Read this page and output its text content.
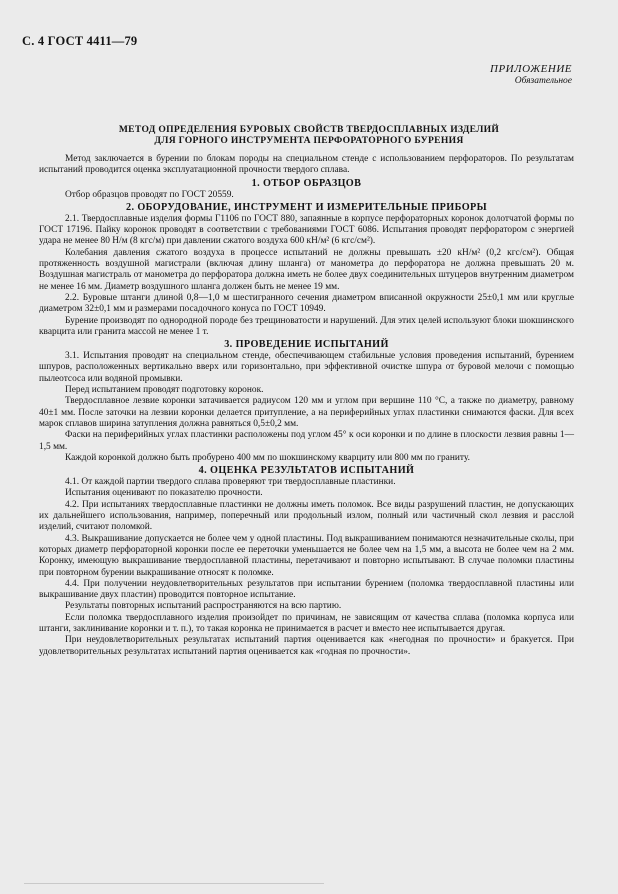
С. 4 ГОСТ 4411—79
ПРИЛОЖЕНИЕ
Обязательное
МЕТОД ОПРЕДЕЛЕНИЯ БУРОВЫХ СВОЙСТВ ТВЕРДОСПЛАВНЫХ ИЗДЕЛИЙ
ДЛЯ ГОРНОГО ИНСТРУМЕНТА ПЕРФОРАТОРНОГО БУРЕНИЯ

Метод заключается в бурении по блокам породы на специальном стенде с использованием перфораторов. По результатам испытаний проводится оценка эксплуатационной прочности твердого сплава.

1. ОТБОР ОБРАЗЦОВ

Отбор образцов проводят по ГОСТ 20559.

2. ОБОРУДОВАНИЕ, ИНСТРУМЕНТ И ИЗМЕРИТЕЛЬНЫЕ ПРИБОРЫ

2.1. Твердосплавные изделия формы Г1106 по ГОСТ 880, запаянные в корпусе перфораторных коронок долотчатой формы по ГОСТ 17196. Пайку коронок проводят в соответствии с требованиями ГОСТ 6086. Испытания проводят перфоратором с энергией удара не менее 80 Н/м (8 кгс/м) при давлении сжатого воздуха 600 кН/м² (6 кгс/см²).

Колебания давления сжатого воздуха в процессе испытаний не должны превышать ±20 кН/м² (0,2 кгс/см²). Общая протяженность воздушной магистрали (включая длину шланга) от манометра до перфоратора не должна превышать 20 м. Воздушная магистраль от манометра до перфоратора должна иметь не более двух соединительных штуцеров внутренним диаметром не менее 16 мм. Диаметр воздушного шланга должен быть не менее 19 мм.

2.2. Буровые штанги длиной 0,8—1,0 м шестигранного сечения диаметром вписанной окружности 25±0,1 мм или круглые диаметром 32±0,1 мм и размерами посадочного конуса по ГОСТ 10949.

Бурение производят по однородной породе без трещиноватости и нарушений. Для этих целей используют блоки шокшинского кварцита или гранита массой не менее 1 т.

3. ПРОВЕДЕНИЕ ИСПЫТАНИЙ

3.1. Испытания проводят на специальном стенде, обеспечивающем стабильные условия проведения испытаний, бурением шпуров, расположенных вертикально вверх или горизонтально, при эффективной очистке шпура от буровой мелочи с помощью пылеотсоса или водяной промывки.

Перед испытанием проводят подготовку коронок.

Твердосплавное лезвие коронки затачивается радиусом 120 мм и углом при вершине 110 °С, а также по диаметру, равному 40±1 мм. После заточки на лезвии коронки делается притупление, а на периферийных углах пластинки снимаются фаски. Для всех марок сплавов ширина затупления должна равняться 0,5±0,2 мм.

Фаски на периферийных углах пластинки расположены под углом 45° к оси коронки и по длине в плоскости лезвия равны 1—1,5 мм.

Каждой коронкой должно быть пробурено 400 мм по шокшинскому кварциту или 800 мм по граниту.

4. ОЦЕНКА РЕЗУЛЬТАТОВ ИСПЫТАНИЙ

4.1. От каждой партии твердого сплава проверяют три твердосплавные пластинки.

Испытания оценивают по показателю прочности.

4.2. При испытаниях твердосплавные пластинки не должны иметь поломок. Все виды разрушений пластин, не допускающих их дальнейшего использования, например, поперечный или продольный излом, полный или частичный скол лезвия и расслой изделий, считают поломкой.

4.3. Выкрашивание допускается не более чем у одной пластины. Под выкрашиванием понимаются незначительные сколы, при которых диаметр перфораторной коронки после ее переточки уменьшается не более чем на 1,5 мм, а высота не более чем на 2 мм. Коронку, имеющую выкрашивание твердосплавной пластины, перетачивают и повторно испытывают. В случае поломки пластины при повторном бурении выкрашивание относят к поломке.

4.4. При получении неудовлетворительных результатов при испытании бурением (поломка твердосплавной пластины или выкрашивание двух пластин) проводится повторное испытание.

Результаты повторных испытаний распространяются на всю партию.

Если поломка твердосплавного изделия произойдет по причинам, не зависящим от качества сплава (поломка корпуса или штанги, заклинивание коронки и т. п.), то такая коронка не принимается в расчет и вместо нее испытывается другая.

При неудовлетворительных результатах испытаний партия оценивается как «негодная по прочности» и бракуется. При удовлетворительных результатах испытаний партия оценивается как «годная по прочности».
